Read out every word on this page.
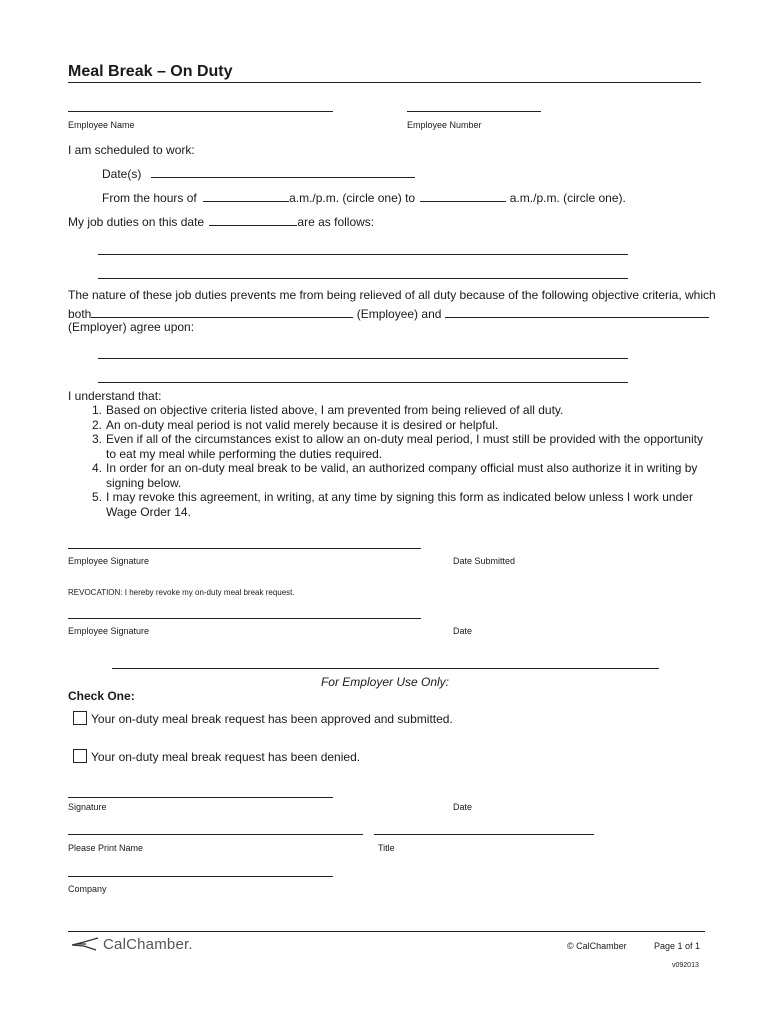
Meal Break – On Duty
Employee Name	Employee Number
I am scheduled to work:
Date(s)
From the hours of	a.m./p.m. (circle one) to	a.m./p.m. (circle one).
My job duties on this date	are as follows:
The nature of these job duties prevents me from being relieved of all duty because of the following objective criteria, which
both	(Employee) and
(Employer) agree upon:
I understand that:
1. Based on objective criteria listed above, I am prevented from being relieved of all duty.
2. An on-duty meal period is not valid merely because it is desired or helpful.
3. Even if all of the circumstances exist to allow an on-duty meal period, I must still be provided with the opportunity to eat my meal while performing the duties required.
4. In order for an on-duty meal break to be valid, an authorized company official must also authorize it in writing by signing below.
5. I may revoke this agreement, in writing, at any time by signing this form as indicated below unless I work under Wage Order 14.
Employee Signature	Date Submitted
REVOCATION: I hereby revoke my on-duty meal break request.
Employee Signature	Date
For Employer Use Only:
Check One:
Your on-duty meal break request has been approved and submitted.
Your on-duty meal break request has been denied.
Signature	Date
Please Print Name	Title
Company
CalChamber.	© CalChamber	Page 1 of 1
v092013
